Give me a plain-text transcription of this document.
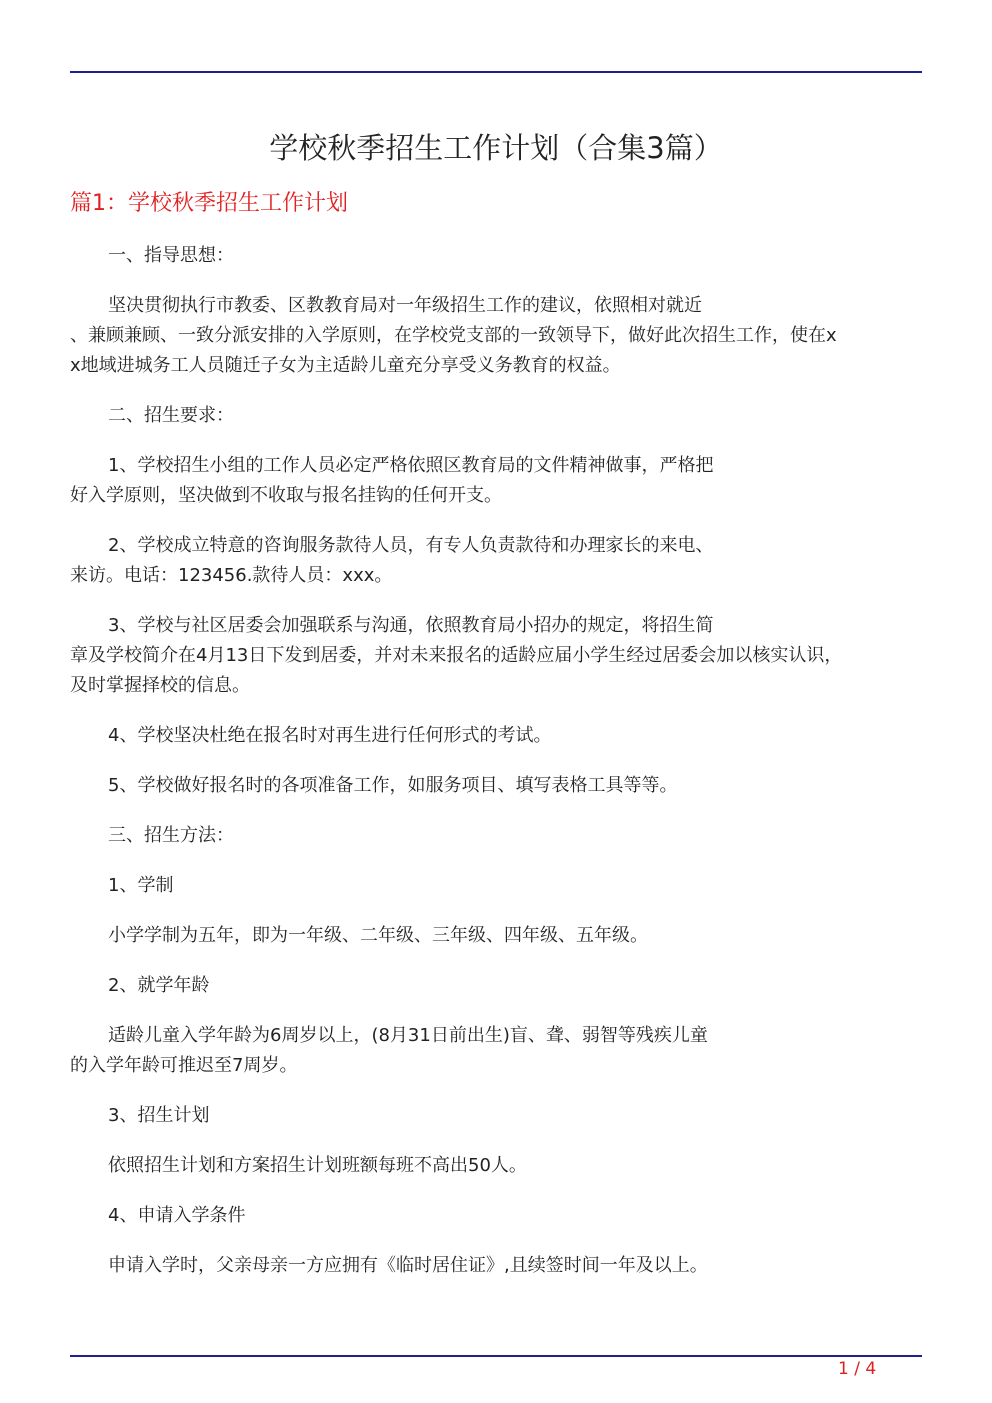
学校秋季招生工作计划（合集3篇）
篇1：学校秋季招生工作计划
一、指导思想：
坚决贯彻执行市教委、区教教育局对一年级招生工作的建议，依照相对就近
、兼顾兼顾、一致分派安排的入学原则，在学校党支部的一致领导下，做好此次招生工作，使在x
x地域进城务工人员随迁子女为主适龄儿童充分享受义务教育的权益。
二、招生要求：
1、学校招生小组的工作人员必定严格依照区教育局的文件精神做事，严格把
好入学原则，坚决做到不收取与报名挂钩的任何开支。
2、学校成立特意的咨询服务款待人员，有专人负责款待和办理家长的来电、
来访。电话：123456.款待人员：xxx。
3、学校与社区居委会加强联系与沟通，依照教育局小招办的规定，将招生简
章及学校简介在4月13日下发到居委，并对未来报名的适龄应届小学生经过居委会加以核实认识，
及时掌握择校的信息。
4、学校坚决杜绝在报名时对再生进行任何形式的考试。
5、学校做好报名时的各项准备工作，如服务项目、填写表格工具等等。
三、招生方法：
1、学制
小学学制为五年，即为一年级、二年级、三年级、四年级、五年级。
2、就学年龄
适龄儿童入学年龄为6周岁以上，(8月31日前出生)盲、聋、弱智等残疾儿童
的入学年龄可推迟至7周岁。
3、招生计划
依照招生计划和方案招生计划班额每班不高出50人。
4、申请入学条件
申请入学时，父亲母亲一方应拥有《临时居住证》,且续签时间一年及以上。
1 / 4
